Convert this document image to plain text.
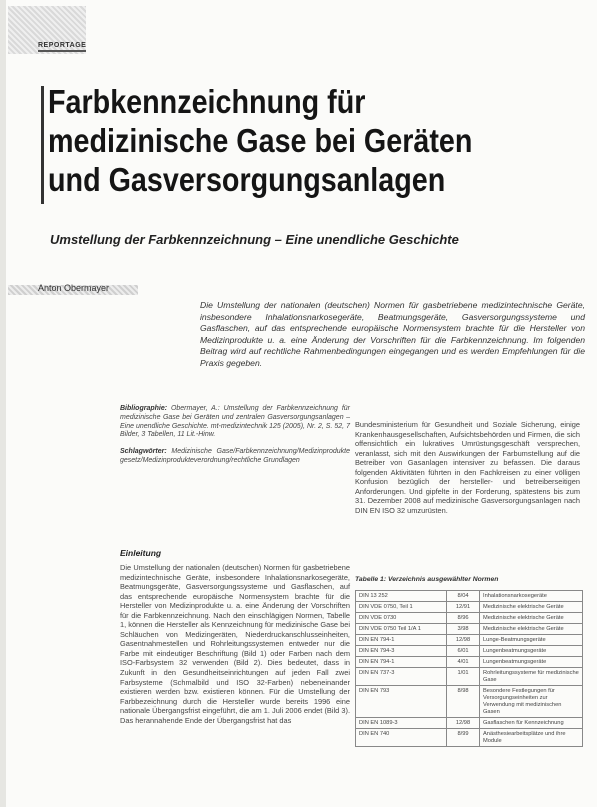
REPORTAGE
Farbkennzeichnung für
medizinische Gase bei Geräten
und Gasversorgungsanlagen
Umstellung der Farbkennzeichnung – Eine unendliche Geschichte
Anton Obermayer

Die Umstellung der nationalen (deutschen) Normen für gasbetriebene medizintechnische Geräte, insbesondere Inhalationsnarkosegeräte, Beatmungsgeräte, Gasversorgungssysteme und Gasflaschen, auf das entsprechende europäische Normensystem brachte für die Hersteller von Medizinprodukte u. a. eine Änderung der Vorschriften für die Farbkennzeichnung. Im folgenden Beitrag wird auf rechtliche Rahmenbedingungen eingegangen und es werden Empfehlungen für die Praxis gegeben.

Bibliographie: Obermayer, A.: Umstellung der Farbkennzeichnung für medizinische Gase bei Geräten und zentralen Gasversorgungsanlagen – Eine unendliche Geschichte. mt-medizintechnik 125 (2005), Nr. 2, S. 52, 7 Bilder, 3 Tabellen, 11 Lit.-Hinw.

Schlagwörter: Medizinische Gase/Farbkennzeichnung/Medizinprodukte gesetz/Medizinprodukteverordnung/rechtliche Grundlagen

Einleitung

Die Umstellung der nationalen (deutschen) Normen für gasbetriebene medizintechnische Geräte, insbesondere Inhalationsnarkosegeräte, Beatmungsgeräte, Gasversorgungssysteme und Gasflaschen, auf das entsprechende europäische Normensystem brachte für die Hersteller von Medizinprodukte u. a. eine Änderung der Vorschriften für die Farbkennzeichnung. Nach den einschlägigen Normen, Tabelle 1, können die Hersteller als Kennzeichnung für medizinische Gase bei Schläuchen von Medizingeräten, Niederdruckanschlusseinheiten, Gasentnahmestellen und Rohrleitungssystemen entweder nur die Farbe mit eindeutiger Beschriftung (Bild 1) oder Farben nach dem ISO-Farbsystem 32 verwenden (Bild 2). Dies bedeutet, dass in Zukunft in den Gesundheitseinrichtungen auf jeden Fall zwei Farbsysteme (Schmalbild und ISO 32-Farben) nebeneinander existieren werden bzw. existieren können. Für die Umstellung der Farbbezeichnung durch die Hersteller wurde bereits 1996 eine nationale Übergangsfrist eingeführt, die am 1. Juli 2006 endet (Bild 3). Das herannahende Ende der Übergangsfrist hat das

Bundesministerium für Gesundheit und Soziale Sicherung, einige Krankenhausgesellschaften, Aufsichtsbehörden und Firmen, die sich offensichtlich ein lukratives Umrüstungsgeschäft versprechen, veranlasst, sich mit den Auswirkungen der Farbumstellung auf die Betreiber von Gasanlagen intensiver zu befassen. Die daraus folgenden Aktivitäten führten in den Fachkreisen zu einer völligen Konfusion bezüglich der hersteller- und betreiberseitigen Anforderungen. Und gipfelte in der Forderung, spätestens bis zum 31. Dezember 2008 auf medizinische Gasversorgungsanlagen nach DIN EN ISO 32 umzurüsten.

Tabelle 1: Verzeichnis ausgewählter Normen

DIN 13 252	8/04	Inhalationsnarkosegeräte
DIN VDE 0750, Teil 1	12/91	Medizinische elektrische Geräte
DIN VDE 0730	8/96	Medizinische elektrische Geräte
DIN VDE 0750 Teil 1/A 1	3/98	Medizinische elektrische Geräte
DIN EN 794-1	12/98	Lunge-Beatmungsgeräte
DIN EN 794-3	6/01	Lungenbeatmungsgeräte
DIN EN 794-1	4/01	Lungenbeatmungsgeräte
DIN EN 737-3	1/01	Rohrleitungssysteme für medizinische Gase
DIN EN 793	8/98	Besondere Festlegungen für Versorgungseinheiten zur Verwendung mit medizinischen Gasen
DIN EN 1089-3	12/98	Gasflaschen für Kennzeichnung
DIN EN 740	8/99	Anästhesiearbeitsplätze und ihre Module
